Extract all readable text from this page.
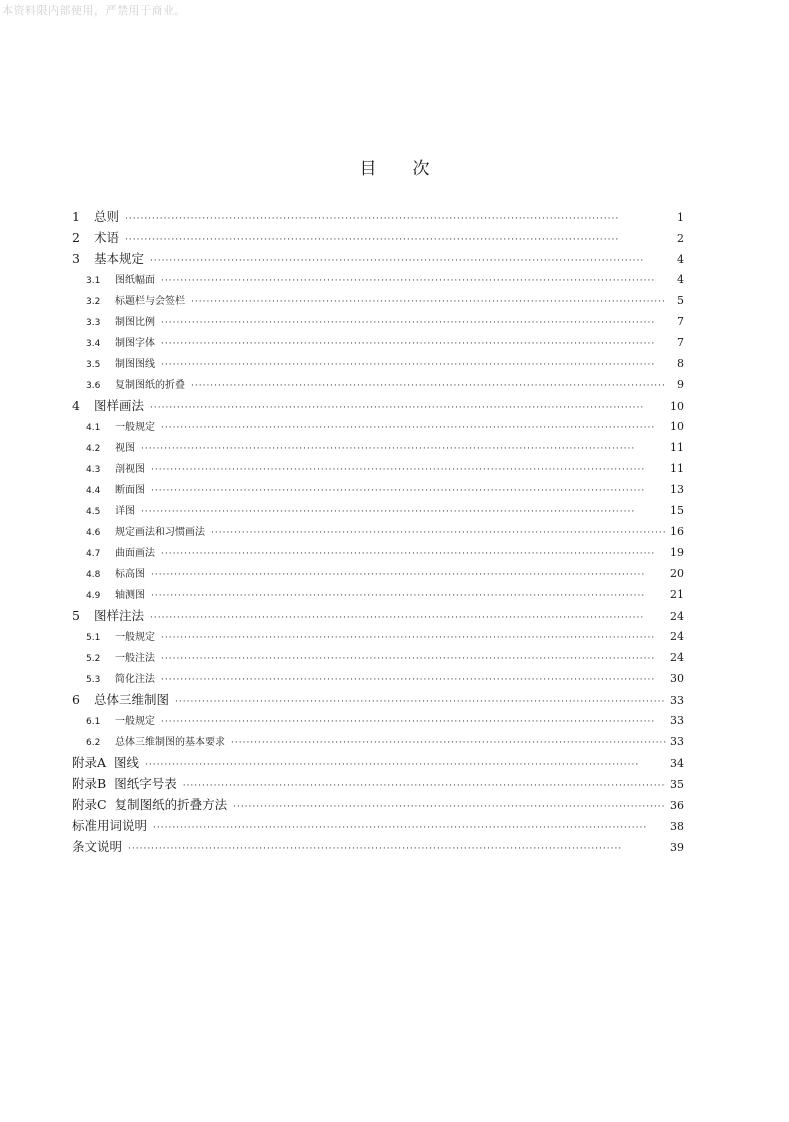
本资料限内部使用，严禁用于商业。
目 次
1	总则 ·····	1
2	术语 ·····	2
3	基本规定 ·····	4
3.1	图纸幅面 ·····	4
3.2	标题栏与会签栏 ·····	5
3.3	制图比例 ·····	7
3.4	制图字体 ·····	7
3.5	制图图线 ·····	8
3.6	复制图纸的折叠 ·····	9
4	图样画法 ·····	10
4.1	一般规定 ·····	10
4.2	视图 ·····	11
4.3	剖视图 ·····	11
4.4	断面图 ·····	13
4.5	详图 ·····	15
4.6	规定画法和习惯画法 ·····	16
4.7	曲面画法 ·····	19
4.8	标高图 ·····	20
4.9	轴测图 ·····	21
5	图样注法 ·····	24
5.1	一般规定 ·····	24
5.2	一般注法 ·····	24
5.3	简化注法 ·····	30
6	总体三维制图 ·····	33
6.1	一般规定 ·····	33
6.2	总体三维制图的基本要求 ·····	33
附录A 图线 ·····	34
附录B 图纸字号表 ·····	35
附录C 复制图纸的折叠方法 ·····	36
标准用词说明 ·····	38
条文说明 ·····	39
